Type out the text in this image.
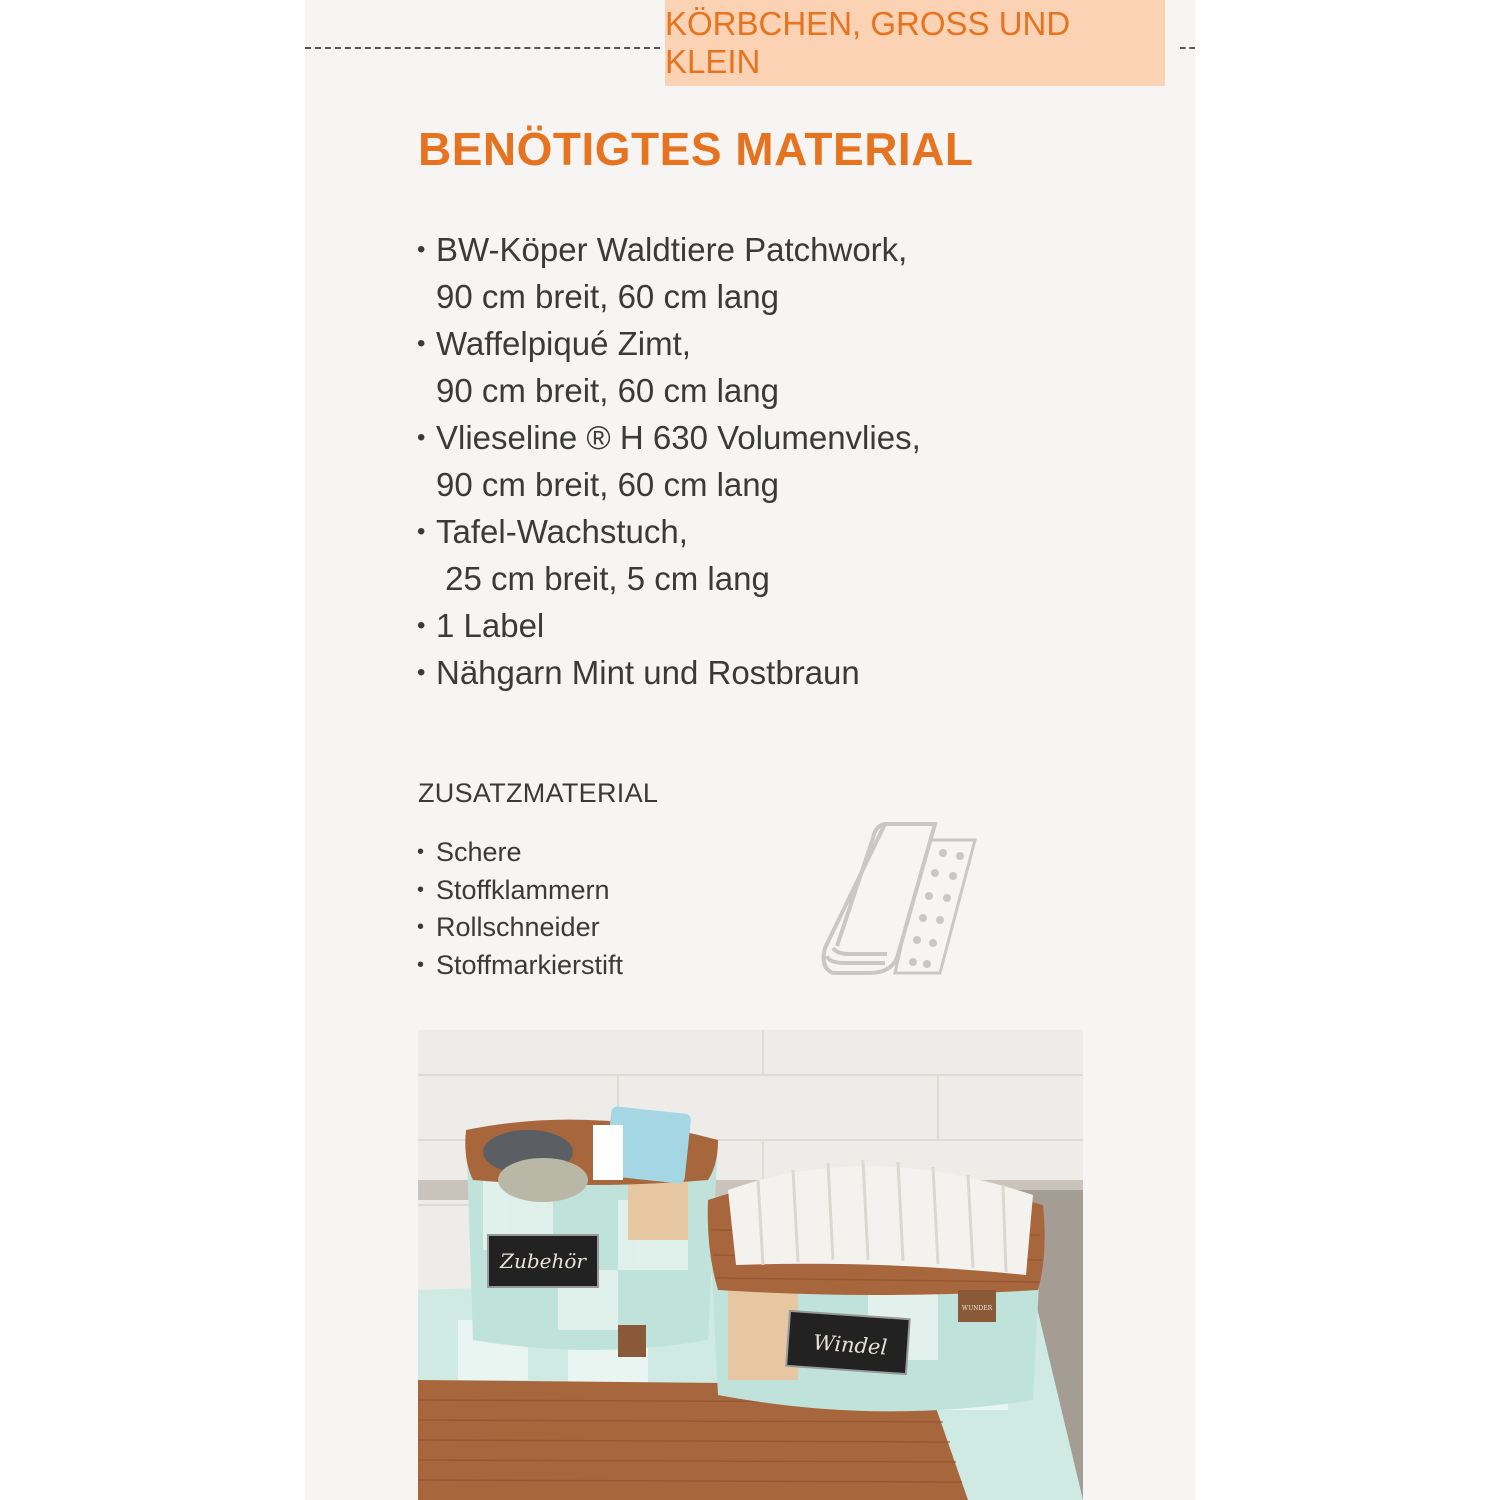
KÖRBCHEN, GROSS UND KLEIN
BENÖTIGTES MATERIAL
• BW-Köper Waldtiere Patchwork,
90 cm breit, 60 cm lang
• Waffelpiqué Zimt,
90 cm breit, 60 cm lang
• Vlieseline ® H 630 Volumenvlies,
90 cm breit, 60 cm lang
• Tafel-Wachstuch,
25 cm breit, 5 cm lang
• 1 Label
• Nähgarn Mint und Rostbraun
ZUSATZMATERIAL
• Schere
• Stoffklammern
• Rollschneider
• Stoffmarkierstift
Zubehör
Windel
WUNDER
